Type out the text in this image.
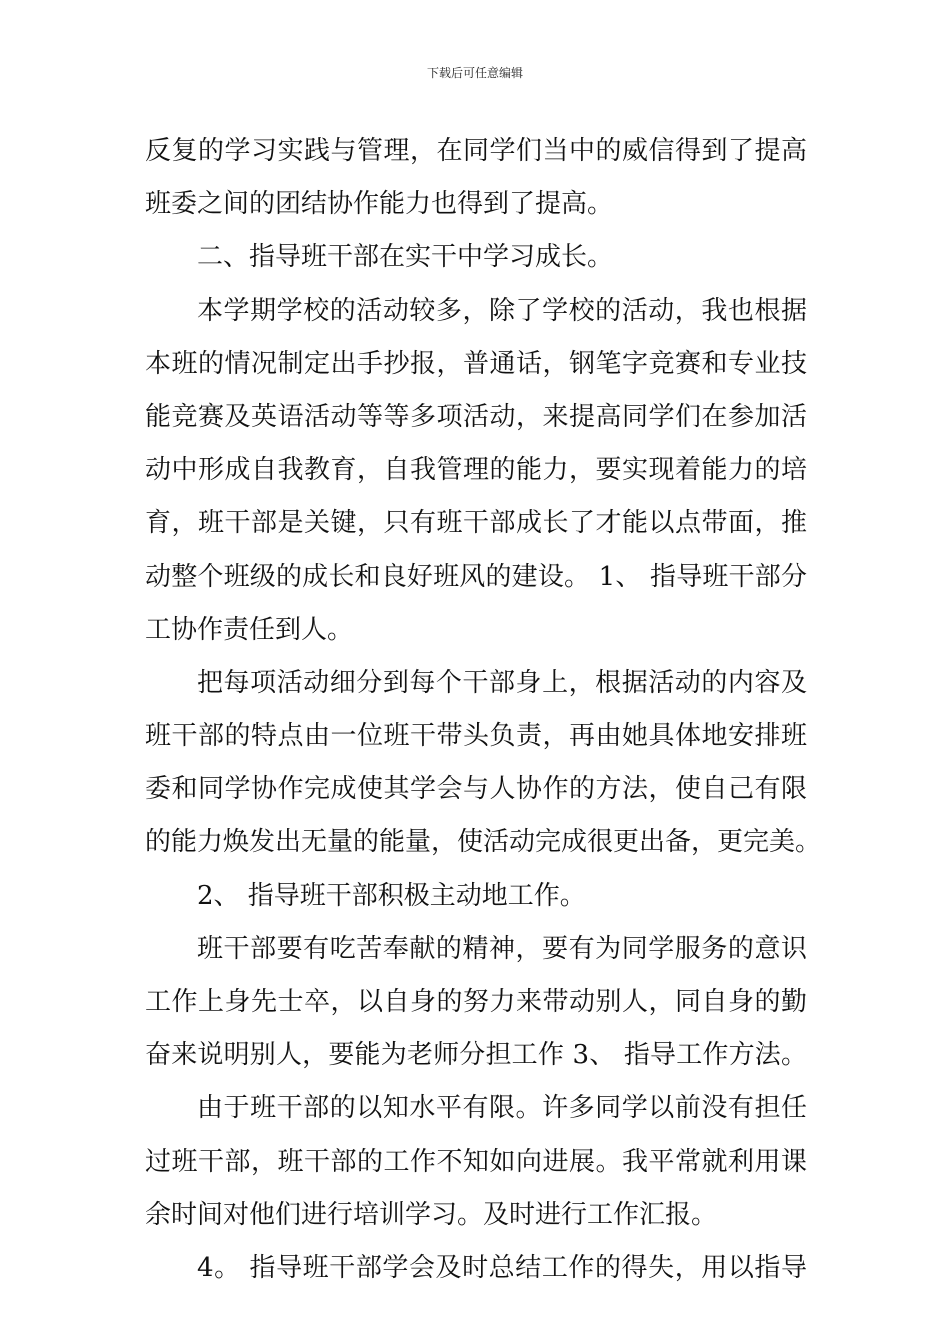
下载后可任意编辑
反复的学习实践与管理，在同学们当中的威信得到了提高
班委之间的团结协作能力也得到了提高。
二、指导班干部在实干中学习成长。
本学期学校的活动较多，除了学校的活动，我也根据
本班的情况制定出手抄报，普通话，钢笔字竞赛和专业技
能竞赛及英语活动等等多项活动，来提高同学们在参加活
动中形成自我教育，自我管理的能力，要实现着能力的培
育，班干部是关键，只有班干部成长了才能以点带面，推
动整个班级的成长和良好班风的建设。 1、 指导班干部分
工协作责任到人。
把每项活动细分到每个干部身上，根据活动的内容及
班干部的特点由一位班干带头负责，再由她具体地安排班
委和同学协作完成使其学会与人协作的方法，使自己有限
的能力焕发出无量的能量，使活动完成很更出备，更完美。
2、 指导班干部积极主动地工作。
班干部要有吃苦奉献的精神，要有为同学服务的意识
工作上身先士卒，以自身的努力来带动别人，同自身的勤
奋来说明别人，要能为老师分担工作 3、 指导工作方法。
由于班干部的以知水平有限。许多同学以前没有担任
过班干部，班干部的工作不知如向进展。我平常就利用课
余时间对他们进行培训学习。及时进行工作汇报。
4。 指导班干部学会及时总结工作的得失，用以指导
